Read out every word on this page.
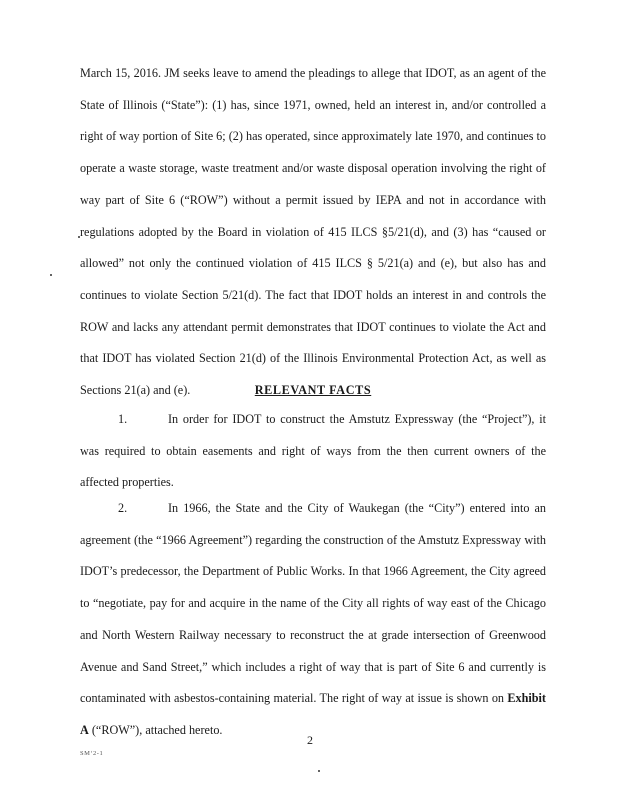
March 15, 2016. JM seeks leave to amend the pleadings to allege that IDOT, as an agent of the State of Illinois (“State”): (1) has, since 1971, owned, held an interest in, and/or controlled a right of way portion of Site 6; (2) has operated, since approximately late 1970, and continues to operate a waste storage, waste treatment and/or waste disposal operation involving the right of way part of Site 6 (“ROW”) without a permit issued by IEPA and not in accordance with regulations adopted by the Board in violation of 415 ILCS §5/21(d), and (3) has “caused or allowed” not only the continued violation of 415 ILCS § 5/21(a) and (e), but also has and continues to violate Section 5/21(d). The fact that IDOT holds an interest in and controls the ROW and lacks any attendant permit demonstrates that IDOT continues to violate the Act and that IDOT has violated Section 21(d) of the Illinois Environmental Protection Act, as well as Sections 21(a) and (e).	RELEVANT FACTS
1.	In order for IDOT to construct the Amstutz Expressway (the “Project”), it was required to obtain easements and right of ways from the then current owners of the affected properties.
2.	In 1966, the State and the City of Waukegan (the “City”) entered into an agreement (the “1966 Agreement”) regarding the construction of the Amstutz Expressway with IDOT’s predecessor, the Department of Public Works. In that 1966 Agreement, the City agreed to “negotiate, pay for and acquire in the name of the City all rights of way east of the Chicago and North Western Railway necessary to reconstruct the at grade intersection of Greenwood Avenue and Sand Street,” which includes a right of way that is part of Site 6 and currently is contaminated with asbestos-containing material. The right of way at issue is shown on Exhibit A (“ROW”), attached hereto.
2
SM‘2-1
